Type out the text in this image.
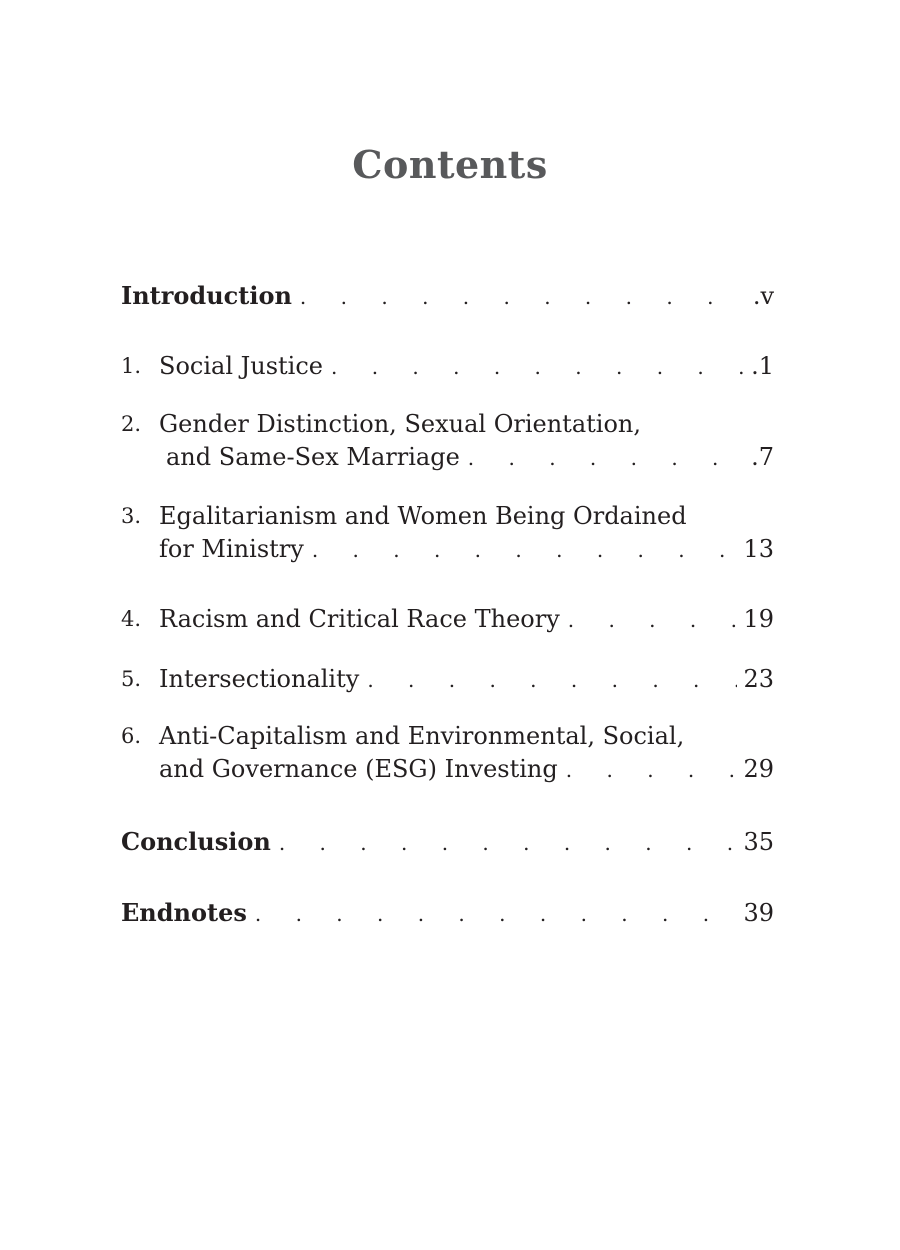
Contents
Introduction . . .	.v
1. Social Justice . . .	.1
2. Gender Distinction, Sexual Orientation,
and Same-Sex Marriage . . .	.7
3. Egalitarianism and Women Being Ordained
for Ministry . . .	13
4. Racism and Critical Race Theory . . .	19
5. Intersectionality . . .	23
6. Anti-Capitalism and Environmental, Social,
and Governance (ESG) Investing . . .	29
Conclusion . . .	35
Endnotes . . .	39
